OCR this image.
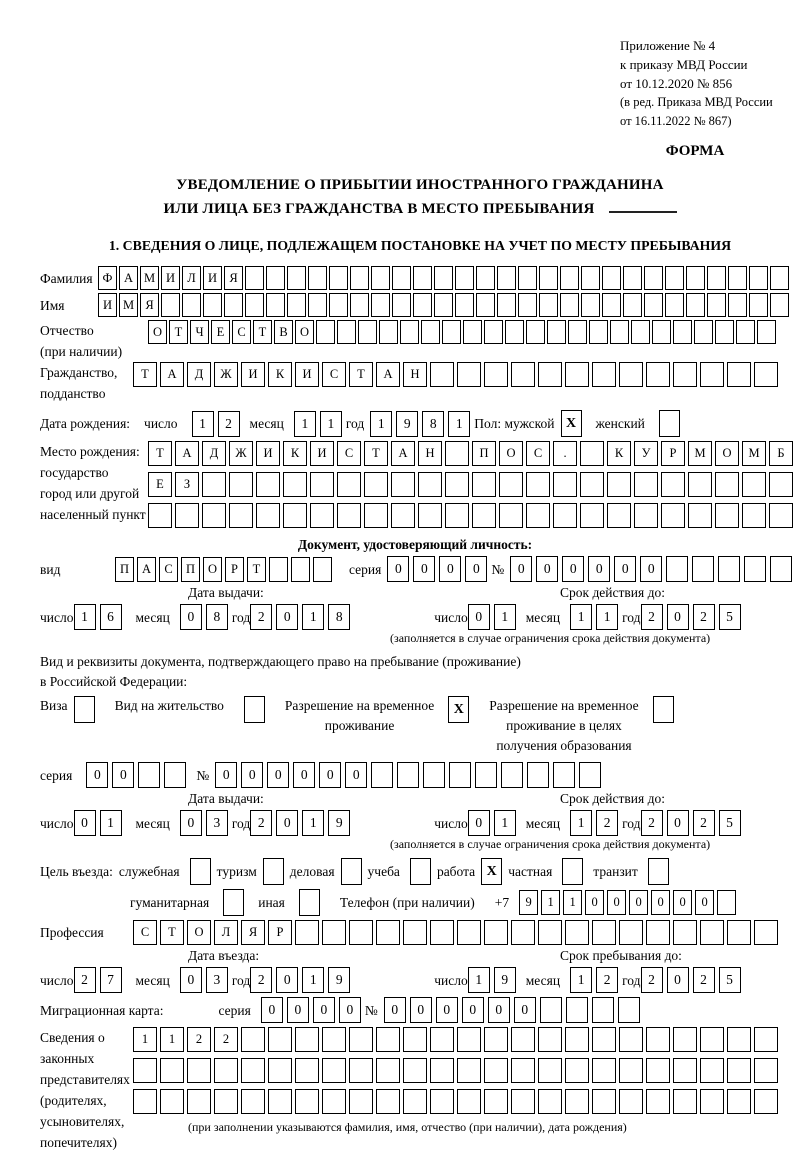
Приложение № 4
к приказу МВД России
от 10.12.2020 № 856
(в ред. Приказа МВД России
от 16.11.2022 № 867)
ФОРМА
УВЕДОМЛЕНИЕ О ПРИБЫТИИ ИНОСТРАННОГО ГРАЖДАНИНА
ИЛИ ЛИЦА БЕЗ ГРАЖДАНСТВА В МЕСТО ПРЕБЫВАНИЯ
1. СВЕДЕНИЯ О ЛИЦЕ, ПОДЛЕЖАЩЕМ ПОСТАНОВКЕ НА УЧЕТ ПО МЕСТУ ПРЕБЫВАНИЯ
Фамилия Ф А М И Л И Я
Имя	И М Я
Отчество
(при наличии)
О	Т	Ч	Е	С	Т	В О
Гражданство,
подданство
Т	А	Д	Ж	И	К	И	С	Т	А	Н
Дата рождения: число	1	2	месяц	1	1 год	1	9	8	1 Пол: мужской X	женский
Место рождения:
государство
город или другой
населенный пункт
Т	А	Д	Ж	И	К	И	С	Т	А	Н	П	О	С	.	К	У	Р	М	О	М	Б
Е	З
Документ, удостоверяющий личность:
вид	П	А	С	П	О	Р	Т	серия	0	0	0	0 №	0	0	0	0	0	0
Дата выдачи:	Срок действия до:
число 1	6	месяц	0	8 год 2	0	1	8	число 0	1	месяц	1	1 год 2	0	2	5
(заполняется в случае ограничения срока действия документа)
Вид и реквизиты документа, подтверждающего право на пребывание (проживание)
в Российской Федерации:
Виза	Вид на жительство	Разрешение на временное
проживание
X	Разрешение на временное
проживание в целях
получения образования
серия	0	0	№	0	0	0	0	0	0
Дата выдачи:	Срок действия до:
число 0	1	месяц	0	3 год 2	0	1	9	число 0	1	месяц	1	2 год 2	0	2	5
(заполняется в случае ограничения срока действия документа)
Цель въезда: служебная	туризм деловая учеба	работа X частная	транзит
гуманитарная	иная	Телефон (при наличии) +7	9	1	1	0	0	0	0	0	0
Профессия	С	Т	О	Л	Я	Р
Дата въезда:	Срок пребывания до:
число 2	7	месяц	0	3 год 2	0	1	9	число 1	9	месяц	1	2 год 2	0	2	5
Миграционная карта:	серия	0	0	0	0 №	0	0	0	0	0	0
Сведения о
законных
представителях
(родителях,
усыновителях,
попечителях)
1	1	2	2
(при заполнении указываются фамилия, имя, отчество (при наличии), дата рождения)
